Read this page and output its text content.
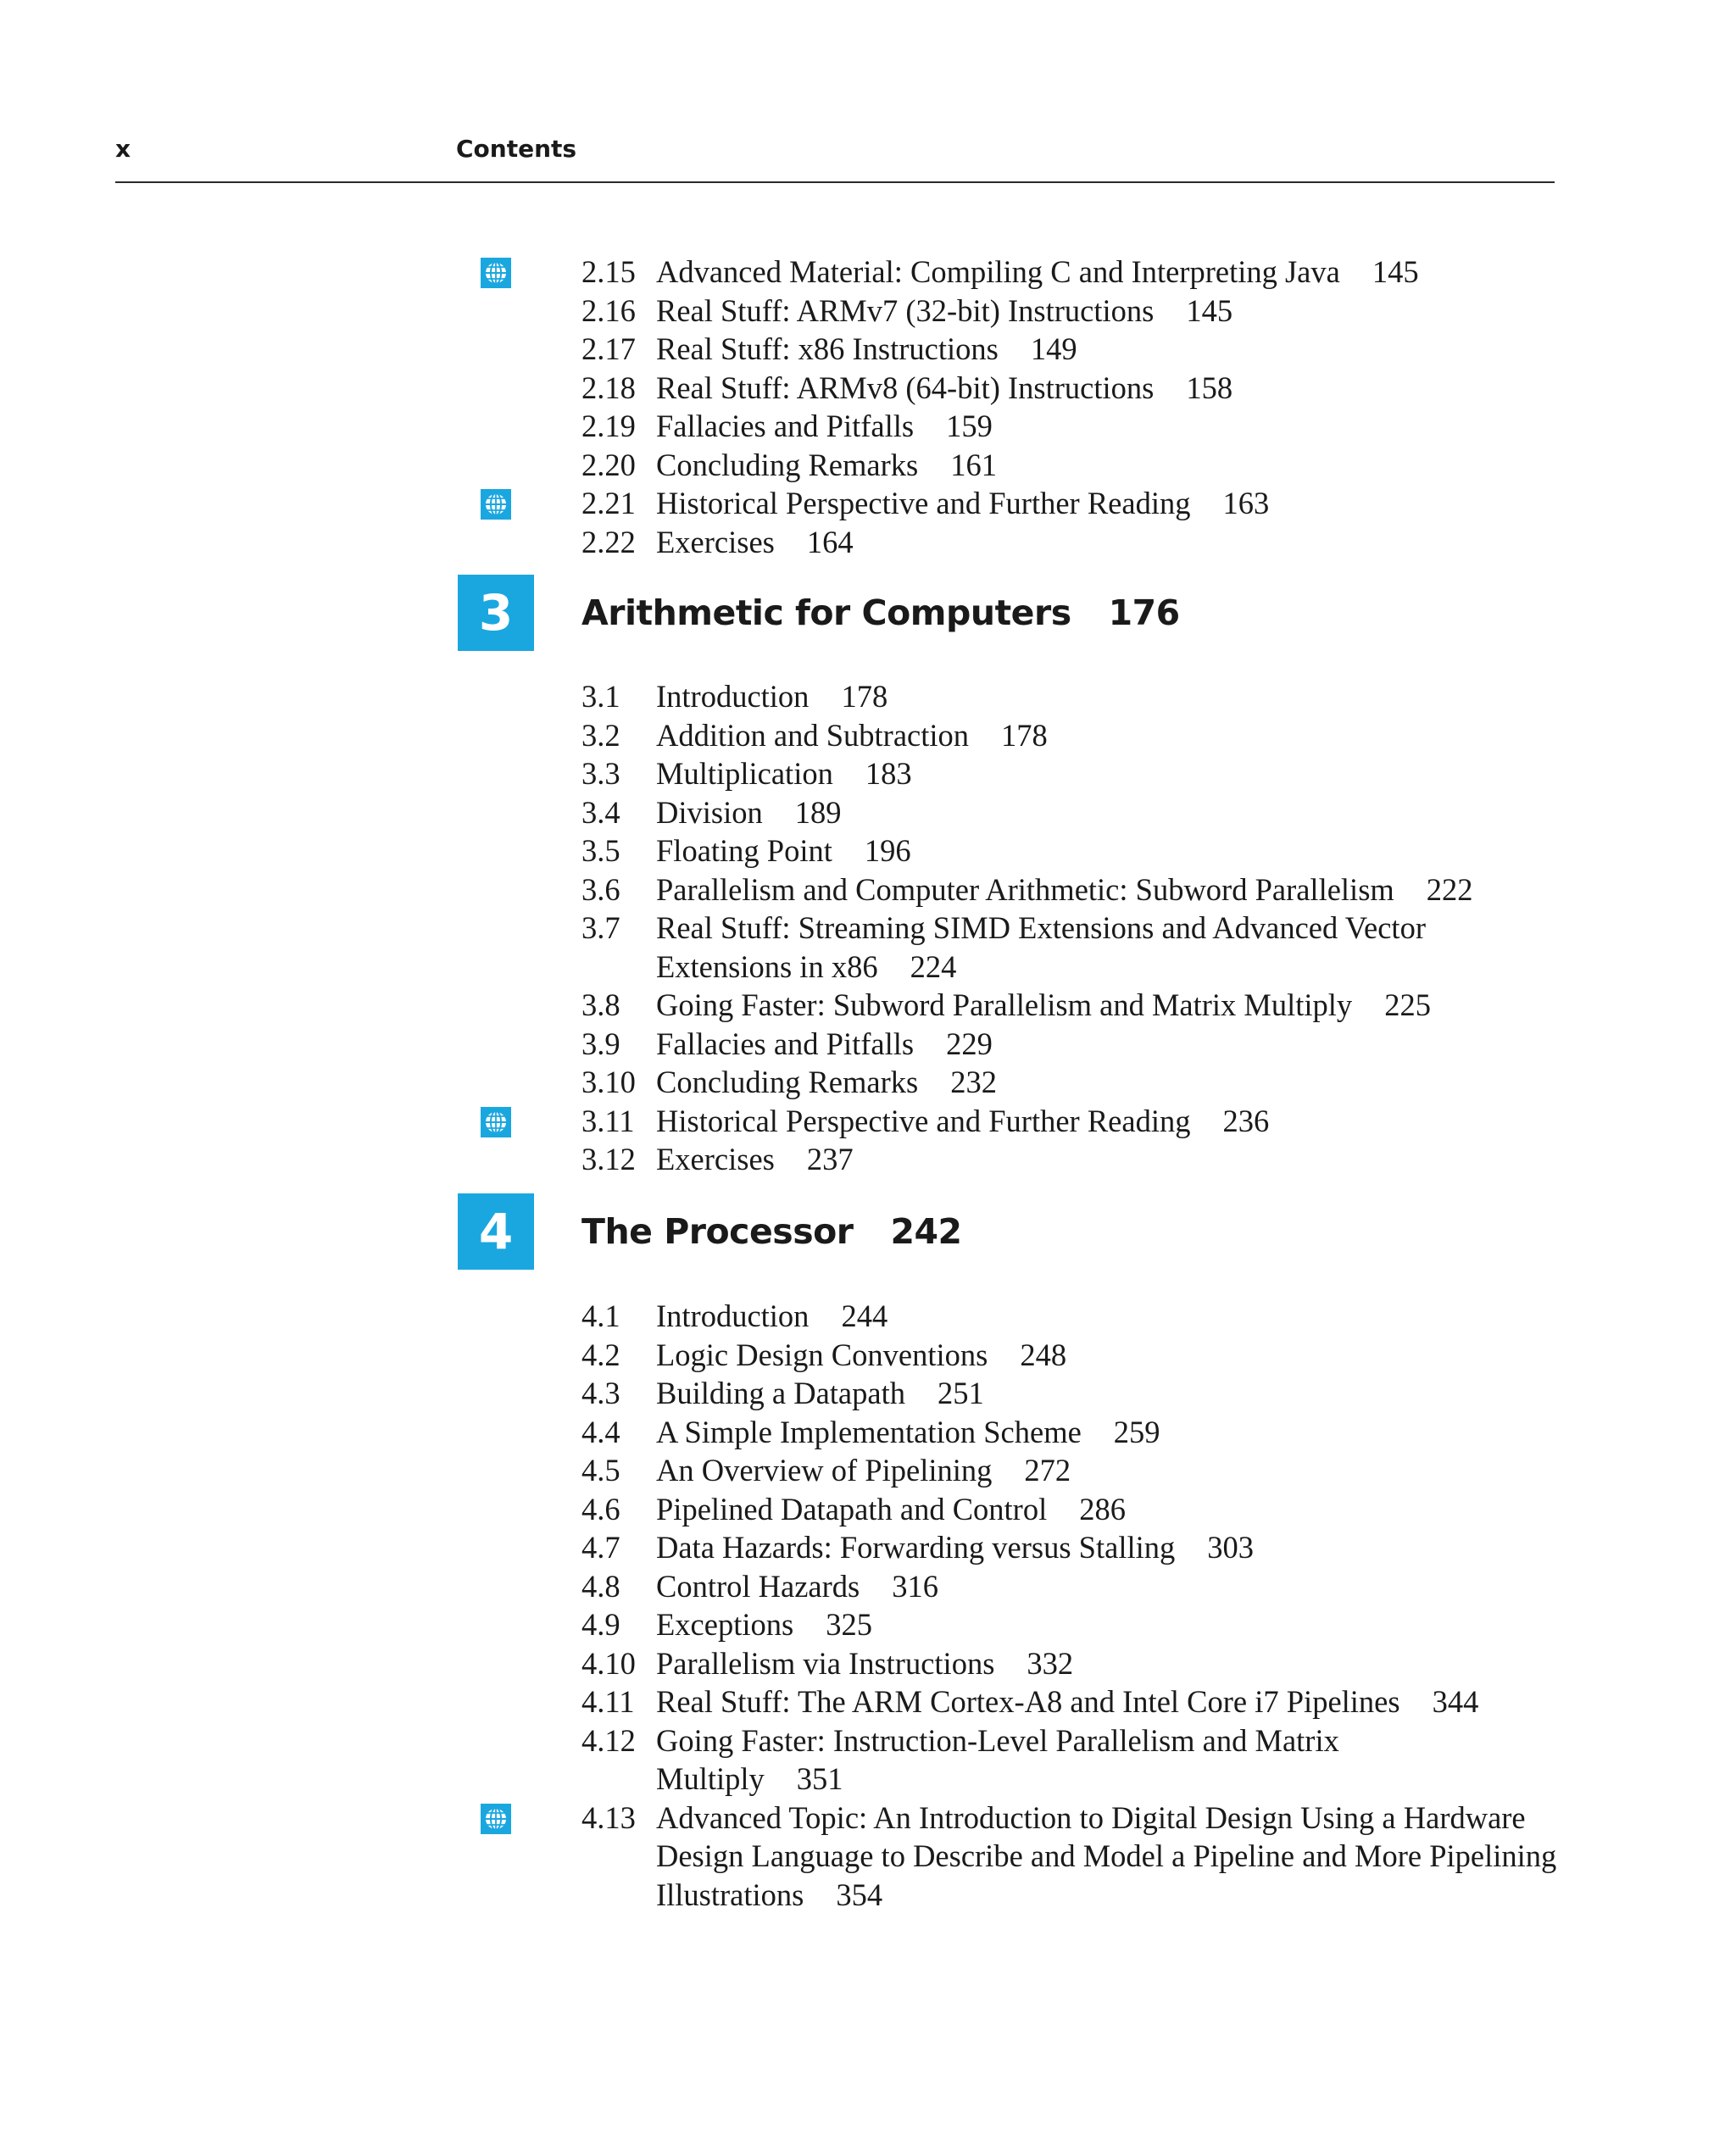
x	Contents
2.15 Advanced Material: Compiling C and Interpreting Java 145
2.16 Real Stuff: ARMv7 (32-bit) Instructions 145
2.17 Real Stuff: x86 Instructions 149
2.18 Real Stuff: ARMv8 (64-bit) Instructions 158
2.19 Fallacies and Pitfalls 159
2.20 Concluding Remarks 161
2.21 Historical Perspective and Further Reading 163
2.22 Exercises 164
3	Arithmetic for Computers 176
3.1 Introduction 178
3.2 Addition and Subtraction 178
3.3 Multiplication 183
3.4 Division 189
3.5 Floating Point 196
3.6 Parallelism and Computer Arithmetic: Subword Parallelism 222
3.7 Real Stuff: Streaming SIMD Extensions and Advanced Vector
Extensions in x86 224
3.8 Going Faster: Subword Parallelism and Matrix Multiply 225
3.9 Fallacies and Pitfalls 229
3.10 Concluding Remarks 232
3.11 Historical Perspective and Further Reading 236
3.12 Exercises 237
4	The Processor 242
4.1 Introduction 244
4.2 Logic Design Conventions 248
4.3 Building a Datapath 251
4.4 A Simple Implementation Scheme 259
4.5 An Overview of Pipelining 272
4.6 Pipelined Datapath and Control 286
4.7 Data Hazards: Forwarding versus Stalling 303
4.8 Control Hazards 316
4.9 Exceptions 325
4.10 Parallelism via Instructions 332
4.11 Real Stuff: The ARM Cortex-A8 and Intel Core i7 Pipelines 344
4.12 Going Faster: Instruction-Level Parallelism and Matrix
Multiply 351
4.13 Advanced Topic: An Introduction to Digital Design Using a Hardware
Design Language to Describe and Model a Pipeline and More Pipelining
Illustrations 354
